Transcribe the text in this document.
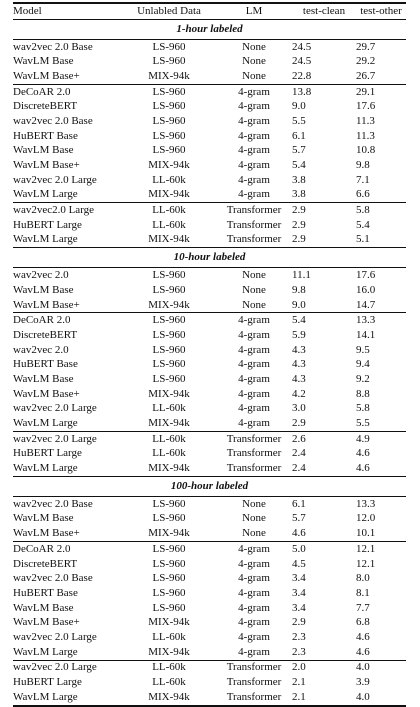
Model	Unlabled Data	LM	test-clean	test-other
1-hour labeled				
wav2vec 2.0 Base	LS-960	None	24.5	29.7
WavLM Base	LS-960	None	24.5	29.2
WavLM Base+	MIX-94k	None	22.8	26.7
DeCoAR 2.0	LS-960	4-gram	13.8	29.1
DiscreteBERT	LS-960	4-gram	9.0	17.6
wav2vec 2.0 Base	LS-960	4-gram	5.5	11.3
HuBERT Base	LS-960	4-gram	6.1	11.3
WavLM Base	LS-960	4-gram	5.7	10.8
WavLM Base+	MIX-94k	4-gram	5.4	9.8
wav2vec 2.0 Large	LL-60k	4-gram	3.8	7.1
WavLM Large	MIX-94k	4-gram	3.8	6.6
wav2vec2.0 Large	LL-60k	Transformer	2.9	5.8
HuBERT Large	LL-60k	Transformer	2.9	5.4
WavLM Large	MIX-94k	Transformer	2.9	5.1
10-hour labeled				
wav2vec 2.0	LS-960	None	11.1	17.6
WavLM Base	LS-960	None	9.8	16.0
WavLM Base+	MIX-94k	None	9.0	14.7
DeCoAR 2.0	LS-960	4-gram	5.4	13.3
DiscreteBERT	LS-960	4-gram	5.9	14.1
wav2vec 2.0	LS-960	4-gram	4.3	9.5
HuBERT Base	LS-960	4-gram	4.3	9.4
WavLM Base	LS-960	4-gram	4.3	9.2
WavLM Base+	MIX-94k	4-gram	4.2	8.8
wav2vec 2.0 Large	LL-60k	4-gram	3.0	5.8
WavLM Large	MIX-94k	4-gram	2.9	5.5
wav2vec 2.0 Large	LL-60k	Transformer	2.6	4.9
HuBERT Large	LL-60k	Transformer	2.4	4.6
WavLM Large	MIX-94k	Transformer	2.4	4.6
100-hour labeled				
wav2vec 2.0 Base	LS-960	None	6.1	13.3
WavLM Base	LS-960	None	5.7	12.0
WavLM Base+	MIX-94k	None	4.6	10.1
DeCoAR 2.0	LS-960	4-gram	5.0	12.1
DiscreteBERT	LS-960	4-gram	4.5	12.1
wav2vec 2.0 Base	LS-960	4-gram	3.4	8.0
HuBERT Base	LS-960	4-gram	3.4	8.1
WavLM Base	LS-960	4-gram	3.4	7.7
WavLM Base+	MIX-94k	4-gram	2.9	6.8
wav2vec 2.0 Large	LL-60k	4-gram	2.3	4.6
WavLM Large	MIX-94k	4-gram	2.3	4.6
wav2vec 2.0 Large	LL-60k	Transformer	2.0	4.0
HuBERT Large	LL-60k	Transformer	2.1	3.9
WavLM Large	MIX-94k	Transformer	2.1	4.0
